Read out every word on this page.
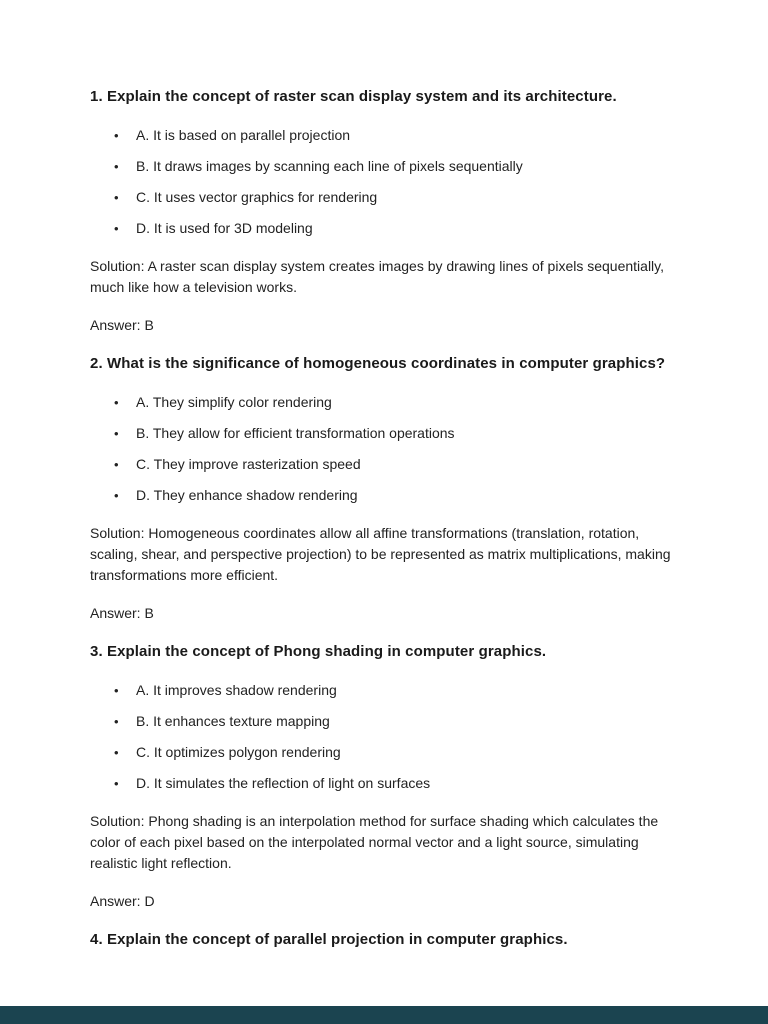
1. Explain the concept of raster scan display system and its architecture.
• A. It is based on parallel projection
• B. It draws images by scanning each line of pixels sequentially
• C. It uses vector graphics for rendering
• D. It is used for 3D modeling

Solution: A raster scan display system creates images by drawing lines of pixels sequentially, much like how a television works.

Answer: B

2. What is the significance of homogeneous coordinates in computer graphics?
• A. They simplify color rendering
• B. They allow for efficient transformation operations
• C. They improve rasterization speed
• D. They enhance shadow rendering

Solution: Homogeneous coordinates allow all affine transformations (translation, rotation, scaling, shear, and perspective projection) to be represented as matrix multiplications, making transformations more efficient.

Answer: B

3. Explain the concept of Phong shading in computer graphics.
• A. It improves shadow rendering
• B. It enhances texture mapping
• C. It optimizes polygon rendering
• D. It simulates the reflection of light on surfaces

Solution: Phong shading is an interpolation method for surface shading which calculates the color of each pixel based on the interpolated normal vector and a light source, simulating realistic light reflection.

Answer: D

4. Explain the concept of parallel projection in computer graphics.
